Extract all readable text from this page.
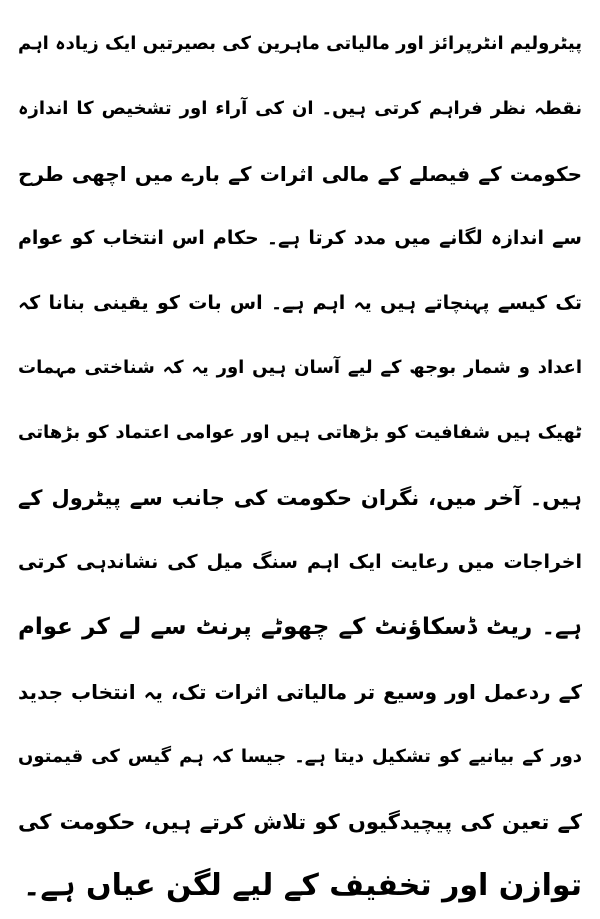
پیٹرولیم انٹرپرائز اور مالیاتی ماہرین کی بصیرتیں ایک زیادہ اہم
نقطہ نظر فراہم کرتی ہیں۔ ان کی آراء اور تشخیص کا اندازہ
حکومت کے فیصلے کے مالی اثرات کے بارے میں اچھی طرح
سے اندازہ لگانے میں مدد کرتا ہے۔ حکام اس انتخاب کو عوام
تک کیسے پہنچاتے ہیں یہ اہم ہے۔ اس بات کو یقینی بنانا کہ
اعداد و شمار بوجھ کے لیے آسان ہیں اور یہ کہ شناختی مہمات
ٹھیک ہیں شفافیت کو بڑھاتی ہیں اور عوامی اعتماد کو بڑھاتی
ہیں۔ آخر میں، نگران حکومت کی جانب سے پیٹرول کے
اخراجات میں رعایت ایک اہم سنگ میل کی نشاندہی کرتی
ہے۔ ریٹ ڈسکاؤنٹ کے چھوٹے پرنٹ سے لے کر عوام
کے ردعمل اور وسیع تر مالیاتی اثرات تک، یہ انتخاب جدید
دور کے بیانیے کو تشکیل دیتا ہے۔ جیسا کہ ہم گیس کی قیمتوں
کے تعین کی پیچیدگیوں کو تلاش کرتے ہیں، حکومت کی
توازن اور تخفیف کے لیے لگن عیاں ہے۔
